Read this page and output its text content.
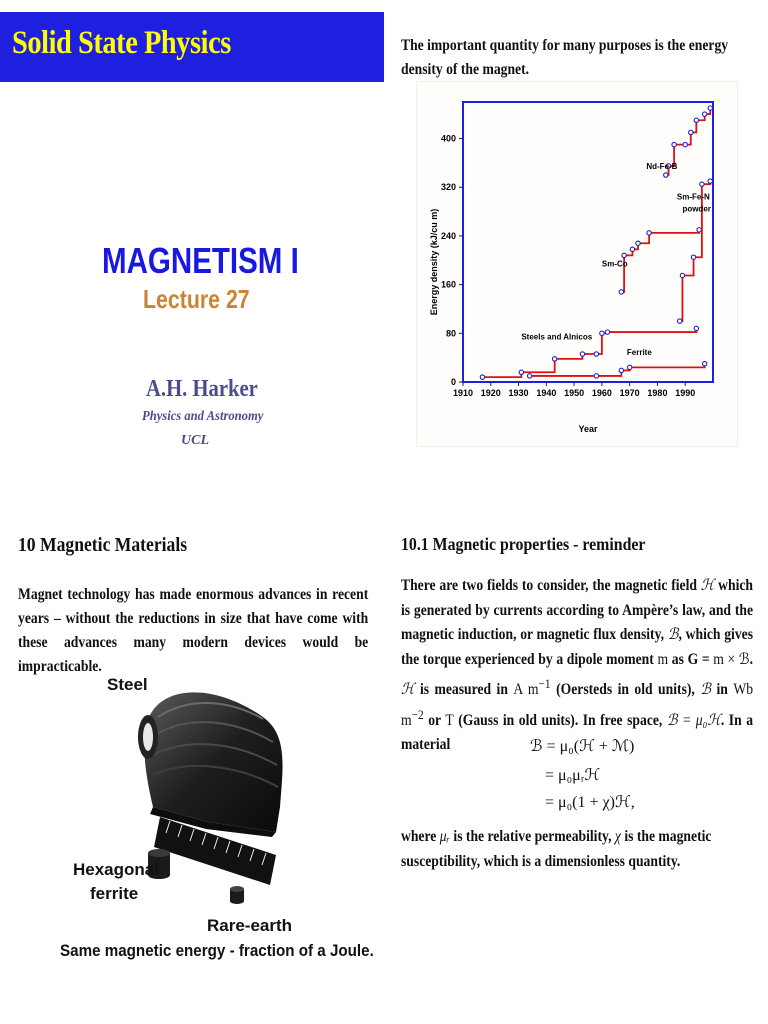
Solid State Physics	The important quantity for many purposes is the energy density of the magnet.
MAGNETISM I
Lecture 27
A.H. Harker
Physics and Astronomy
UCL
1910 1920 1930 1940 1950 1960 1970 1980 1990
0
80
160
240
320
400
Year
Energy density (kJ/cu m)
Nd-Fe-B
Sm-Fe-N
powder
Sm-Co
Steels and Alnicos
Ferrite
10 Magnetic Materials
Magnet technology has made enormous advances in recent years – without the reductions in size that have come with these advances many modern devices would be impracticable.
Steel
Hexagonal
ferrite
Rare-earth
Same magnetic energy - fraction of a Joule.
10.1 Magnetic properties - reminder
There are two fields to consider, the magnetic field ℋ which is generated by currents according to Ampère’s law, and the magnetic induction, or magnetic flux density, ℬ, which gives the torque experienced by a dipole moment m as G = m × ℬ. ℋ is measured in A $m^{-1}$ (Oersteds in old units), ℬ in Wb $m^{-2}$ or T (Gauss in old units). In free space, ℬ = μ₀ℋ. In a material	ℬ = μ₀(ℋ + ℳ)
= μ₀μᵣℋ
= μ₀(1 + χ)ℋ,
where μᵣ is the relative permeability, χ is the magnetic susceptibility, which is a dimensionless quantity.
